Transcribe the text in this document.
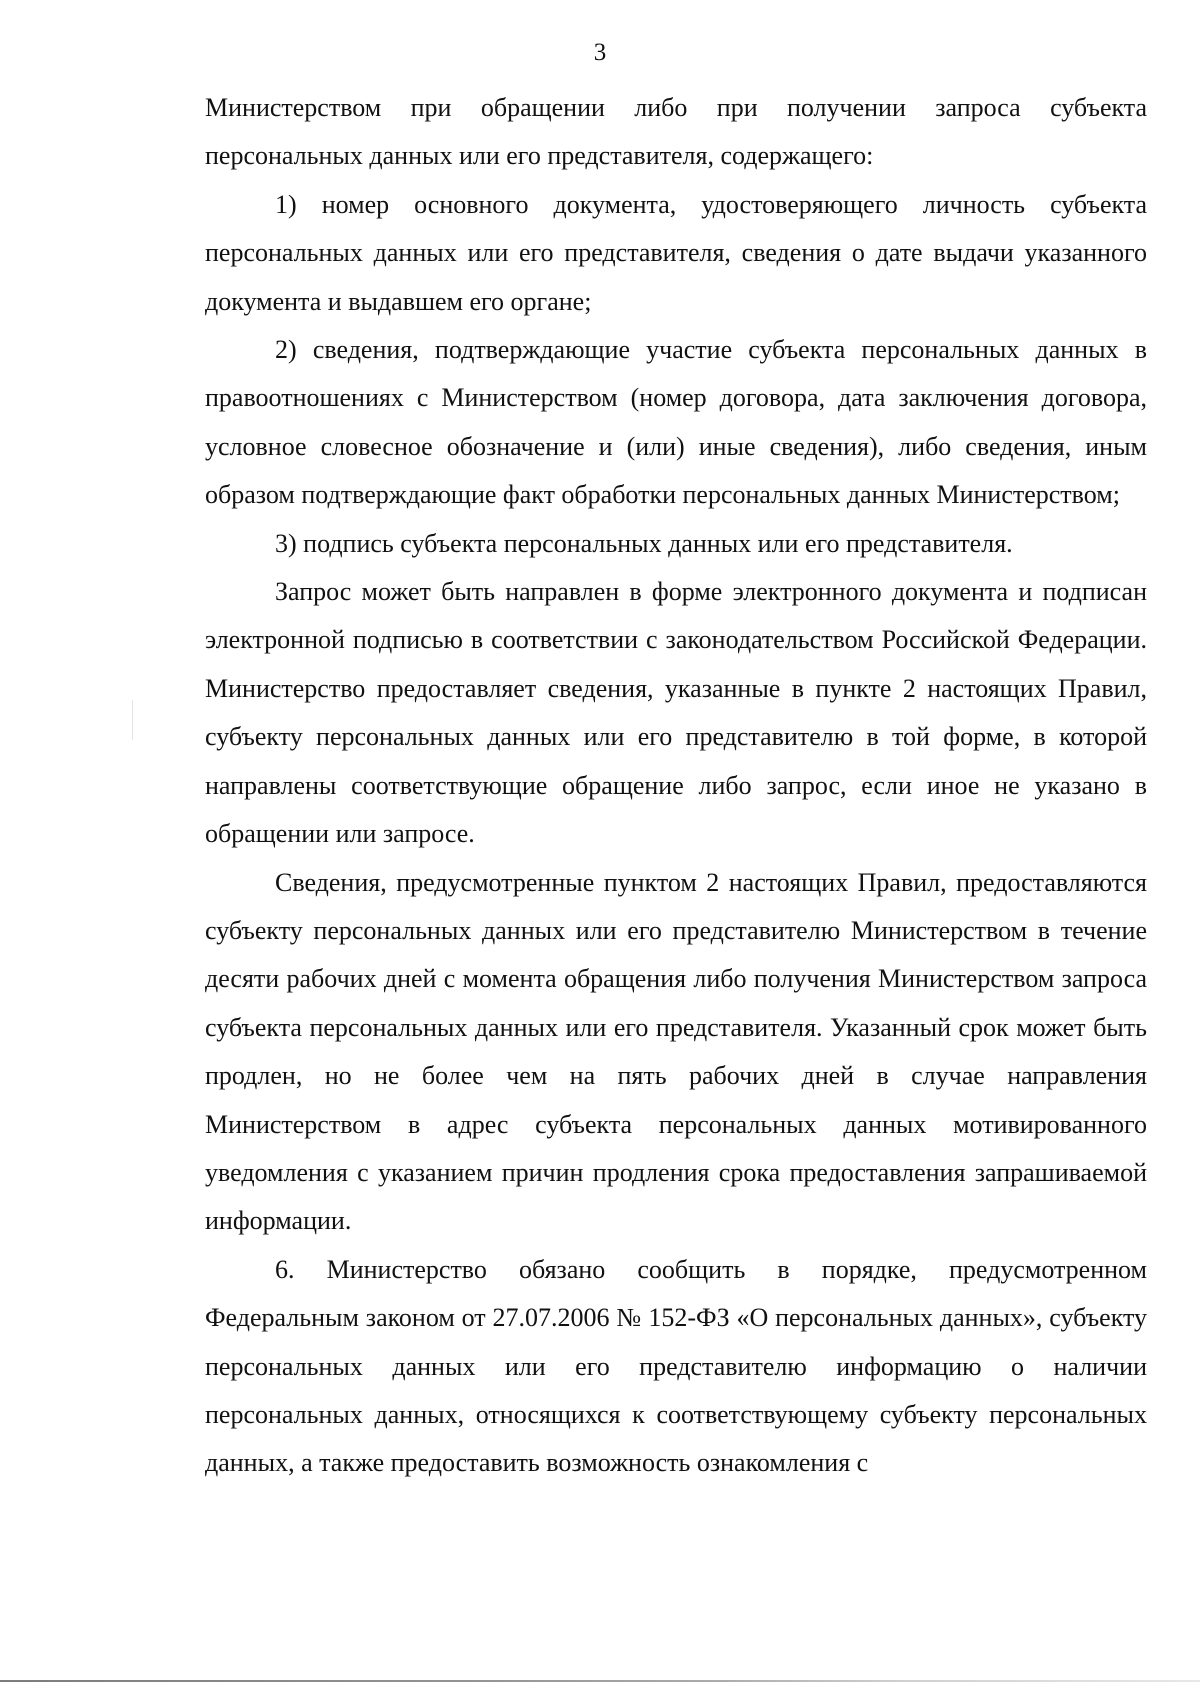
3

Министерством при обращении либо при получении запроса субъекта персональных данных или его представителя, содержащего:

1) номер основного документа, удостоверяющего личность субъекта персональных данных или его представителя, сведения о дате выдачи указанного документа и выдавшем его органе;

2) сведения, подтверждающие участие субъекта персональных данных в правоотношениях с Министерством (номер договора, дата заключения договора, условное словесное обозначение и (или) иные сведения), либо сведения, иным образом подтверждающие факт обработки персональных данных Министерством;

3) подпись субъекта персональных данных или его представителя.

Запрос может быть направлен в форме электронного документа и подписан электронной подписью в соответствии с законодательством Российской Федерации. Министерство предоставляет сведения, указанные в пункте 2 настоящих Правил, субъекту персональных данных или его представителю в той форме, в которой направлены соответствующие обращение либо запрос, если иное не указано в обращении или запросе.

Сведения, предусмотренные пунктом 2 настоящих Правил, предоставляются субъекту персональных данных или его представителю Министерством в течение десяти рабочих дней с момента обращения либо получения Министерством запроса субъекта персональных данных или его представителя. Указанный срок может быть продлен, но не более чем на пять рабочих дней в случае направления Министерством в адрес субъекта персональных данных мотивированного уведомления с указанием причин продления срока предоставления запрашиваемой информации.

6. Министерство обязано сообщить в порядке, предусмотренном Федеральным законом от 27.07.2006 № 152-ФЗ «О персональных данных», субъекту персональных данных или его представителю информацию о наличии персональных данных, относящихся к соответствующему субъекту персональных данных, а также предоставить возможность ознакомления с
